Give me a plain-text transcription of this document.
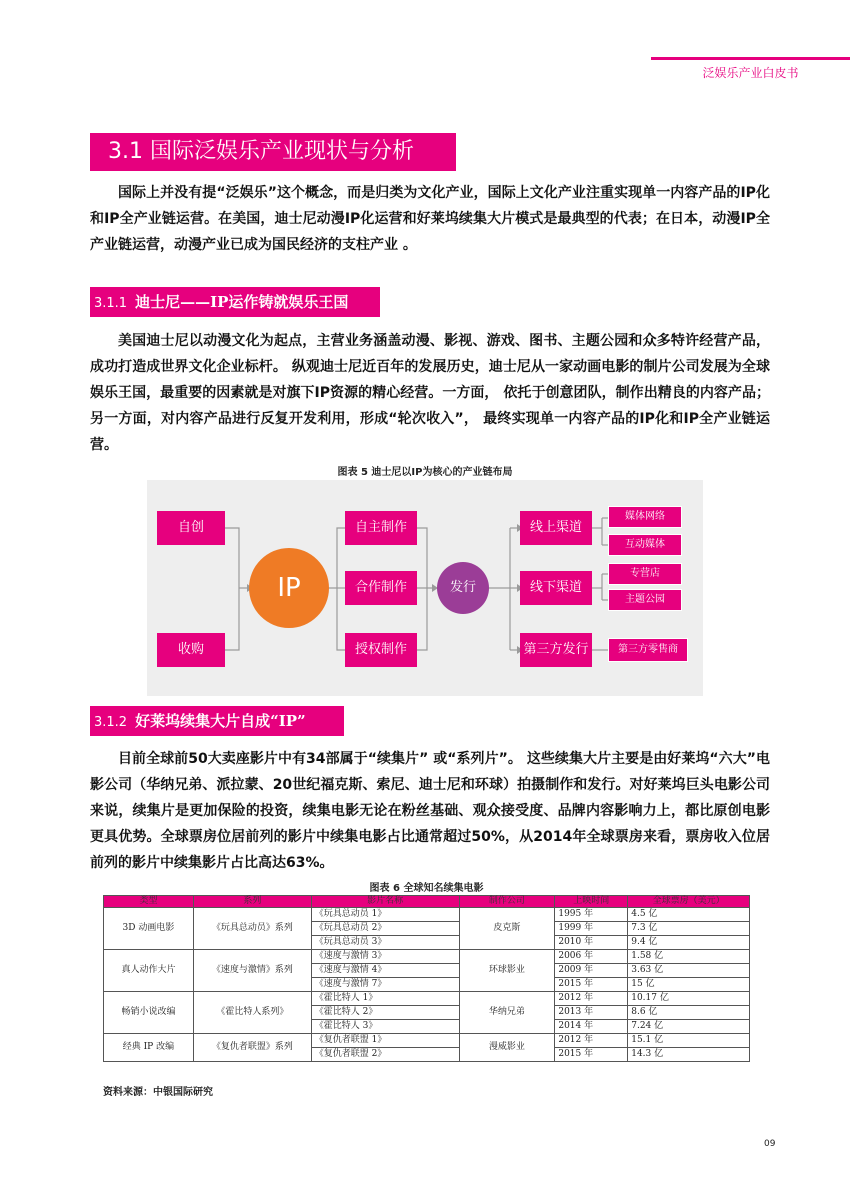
泛娱乐产业白皮书
3.1 国际泛娱乐产业现状与分析

国际上并没有提“泛娱乐”这个概念，而是归类为文化产业，国际上文化产业注重实现单一内容产品的IP化和IP全产业链运营。在美国，迪士尼动漫IP化运营和好莱坞续集大片模式是最典型的代表；在日本，动漫IP全产业链运营，动漫产业已成为国民经济的支柱产业 。

3.1.1 迪士尼——IP运作铸就娱乐王国

美国迪士尼以动漫文化为起点，主营业务涵盖动漫、影视、游戏、图书、主题公园和众多特许经营产品，成功打造成世界文化企业标杆。 纵观迪士尼近百年的发展历史，迪士尼从一家动画电影的制片公司发展为全球娱乐王国，最重要的因素就是对旗下IP资源的精心经营。一方面， 依托于创意团队，制作出精良的内容产品；另一方面，对内容产品进行反复开发利用，形成“轮次收入”， 最终实现单一内容产品的IP化和IP全产业链运营。

图表 5 迪士尼以IP为核心的产业链布局
自创
收购
IP
自主制作
合作制作
授权制作
发行
线上渠道
线下渠道
第三方发行
媒体网络
互动媒体
专营店
主题公园
第三方零售商
3.1.2 好莱坞续集大片自成“IP”

目前全球前50大卖座影片中有34部属于“续集片” 或“系列片”。 这些续集大片主要是由好莱坞“六大”电影公司（华纳兄弟、派拉蒙、20世纪福克斯、索尼、迪士尼和环球）拍摄制作和发行。对好莱坞巨头电影公司来说，续集片是更加保险的投资，续集电影无论在粉丝基础、观众接受度、品牌内容影响力上，都比原创电影更具优势。全球票房位居前列的影片中续集电影占比通常超过50%，从2014年全球票房来看，票房收入位居前列的影片中续集影片占比高达63%。

图表 6 全球知名续集电影
类型	系列	影片名称	制作公司	上映时间	全球票房（美元）
3D 动画电影	《玩具总动员》系列	《玩具总动员 1》	皮克斯	1995 年	4.5 亿
		《玩具总动员 2》		1999 年	7.3 亿
		《玩具总动员 3》		2010 年	9.4 亿
真人动作大片	《速度与激情》系列	《速度与激情 3》	环球影业	2006 年	1.58 亿
		《速度与激情 4》		2009 年	3.63 亿
		《速度与激情 7》		2015 年	15 亿
畅销小说改编	《霍比特人系列》	《霍比特人 1》	华纳兄弟	2012 年	10.17 亿
		《霍比特人 2》		2013 年	8.6 亿
		《霍比特人 3》		2014 年	7.24 亿
经典 IP 改编	《复仇者联盟》系列	《复仇者联盟 1》	漫威影业	2012 年	15.1 亿
		《复仇者联盟 2》		2015 年	14.3 亿
资料来源：中银国际研究
09
